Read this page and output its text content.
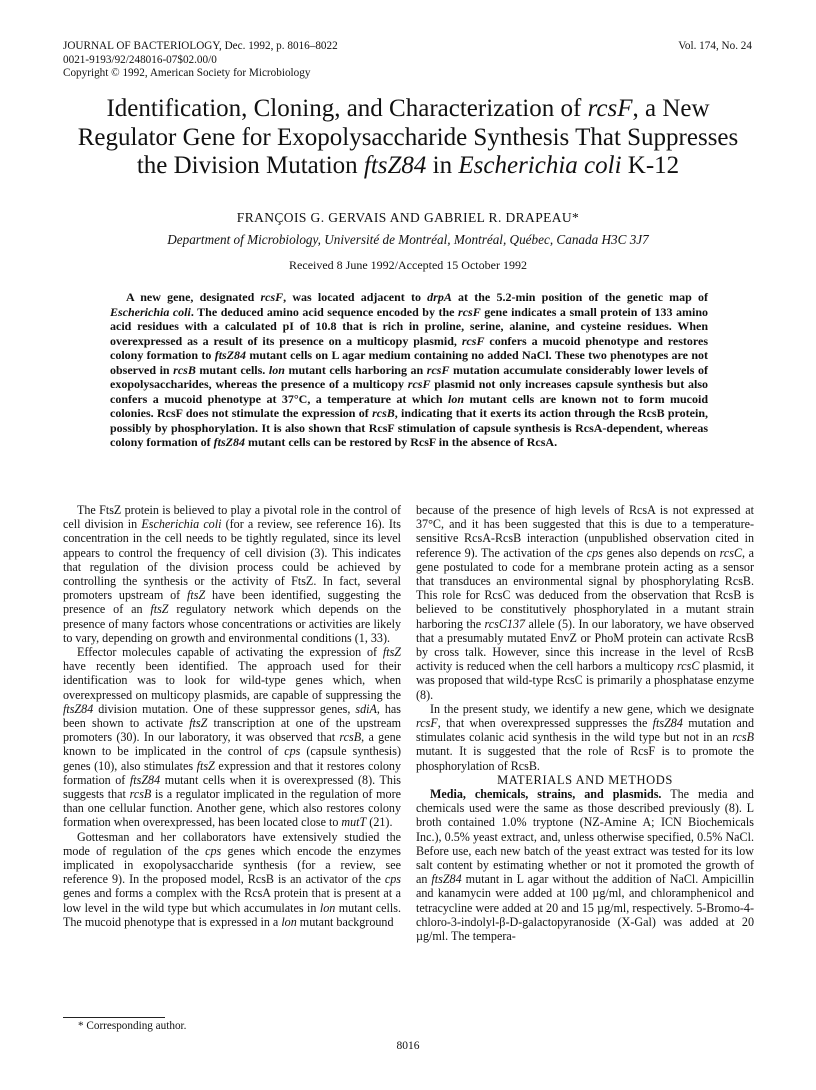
JOURNAL OF BACTERIOLOGY, Dec. 1992, p. 8016–8022
0021-9193/92/248016-07$02.00/0
Copyright © 1992, American Society for Microbiology
Vol. 174, No. 24
Identification, Cloning, and Characterization of rcsF, a New Regulator Gene for Exopolysaccharide Synthesis That Suppresses the Division Mutation ftsZ84 in Escherichia coli K-12
FRANÇOIS G. GERVAIS AND GABRIEL R. DRAPEAU*
Department of Microbiology, Université de Montréal, Montréal, Québec, Canada H3C 3J7
Received 8 June 1992/Accepted 15 October 1992

A new gene, designated rcsF, was located adjacent to drpA at the 5.2-min position of the genetic map of Escherichia coli. The deduced amino acid sequence encoded by the rcsF gene indicates a small protein of 133 amino acid residues with a calculated pI of 10.8 that is rich in proline, serine, alanine, and cysteine residues. When overexpressed as a result of its presence on a multicopy plasmid, rcsF confers a mucoid phenotype and restores colony formation to ftsZ84 mutant cells on L agar medium containing no added NaCl. These two phenotypes are not observed in rcsB mutant cells. lon mutant cells harboring an rcsF mutation accumulate considerably lower levels of exopolysaccharides, whereas the presence of a multicopy rcsF plasmid not only increases capsule synthesis but also confers a mucoid phenotype at 37°C, a temperature at which lon mutant cells are known not to form mucoid colonies. RcsF does not stimulate the expression of rcsB, indicating that it exerts its action through the RcsB protein, possibly by phosphorylation. It is also shown that RcsF stimulation of capsule synthesis is RcsA-dependent, whereas colony formation of ftsZ84 mutant cells can be restored by RcsF in the absence of RcsA.

The FtsZ protein is believed to play a pivotal role in the control of cell division in Escherichia coli (for a review, see reference 16). Its concentration in the cell needs to be tightly regulated, since its level appears to control the frequency of cell division (3). This indicates that regulation of the division process could be achieved by controlling the synthesis or the activity of FtsZ. In fact, several promoters upstream of ftsZ have been identified, suggesting the presence of an ftsZ regulatory network which depends on the presence of many factors whose concentrations or activities are likely to vary, depending on growth and environmental conditions (1, 33).

Effector molecules capable of activating the expression of ftsZ have recently been identified. The approach used for their identification was to look for wild-type genes which, when overexpressed on multicopy plasmids, are capable of suppressing the ftsZ84 division mutation. One of these suppressor genes, sdiA, has been shown to activate ftsZ transcription at one of the upstream promoters (30). In our laboratory, it was observed that rcsB, a gene known to be implicated in the control of cps (capsule synthesis) genes (10), also stimulates ftsZ expression and that it restores colony formation of ftsZ84 mutant cells when it is overexpressed (8). This suggests that rcsB is a regulator implicated in the regulation of more than one cellular function. Another gene, which also restores colony formation when overexpressed, has been located close to mutT (21).

Gottesman and her collaborators have extensively studied the mode of regulation of the cps genes which encode the enzymes implicated in exopolysaccharide synthesis (for a review, see reference 9). In the proposed model, RcsB is an activator of the cps genes and forms a complex with the RcsA protein that is present at a low level in the wild type but which accumulates in lon mutant cells. The mucoid phenotype that is expressed in a lon mutant background

because of the presence of high levels of RcsA is not expressed at 37°C, and it has been suggested that this is due to a temperature-sensitive RcsA-RcsB interaction (unpublished observation cited in reference 9). The activation of the cps genes also depends on rcsC, a gene postulated to code for a membrane protein acting as a sensor that transduces an environmental signal by phosphorylating RcsB. This role for RcsC was deduced from the observation that RcsB is believed to be constitutively phosphorylated in a mutant strain harboring the rcsC137 allele (5). In our laboratory, we have observed that a presumably mutated EnvZ or PhoM protein can activate RcsB by cross talk. However, since this increase in the level of RcsB activity is reduced when the cell harbors a multicopy rcsC plasmid, it was proposed that wild-type RcsC is primarily a phosphatase enzyme (8).

In the present study, we identify a new gene, which we designate rcsF, that when overexpressed suppresses the ftsZ84 mutation and stimulates colanic acid synthesis in the wild type but not in an rcsB mutant. It is suggested that the role of RcsF is to promote the phosphorylation of RcsB.

MATERIALS AND METHODS

Media, chemicals, strains, and plasmids. The media and chemicals used were the same as those described previously (8). L broth contained 1.0% tryptone (NZ-Amine A; ICN Biochemicals Inc.), 0.5% yeast extract, and, unless otherwise specified, 0.5% NaCl. Before use, each new batch of the yeast extract was tested for its low salt content by estimating whether or not it promoted the growth of an ftsZ84 mutant in L agar without the addition of NaCl. Ampicillin and kanamycin were added at 100 µg/ml, and chloramphenicol and tetracycline were added at 20 and 15 µg/ml, respectively. 5-Bromo-4-chloro-3-indolyl-β-D-galactopyranoside (X-Gal) was added at 20 µg/ml. The tempera-

* Corresponding author.
8016
